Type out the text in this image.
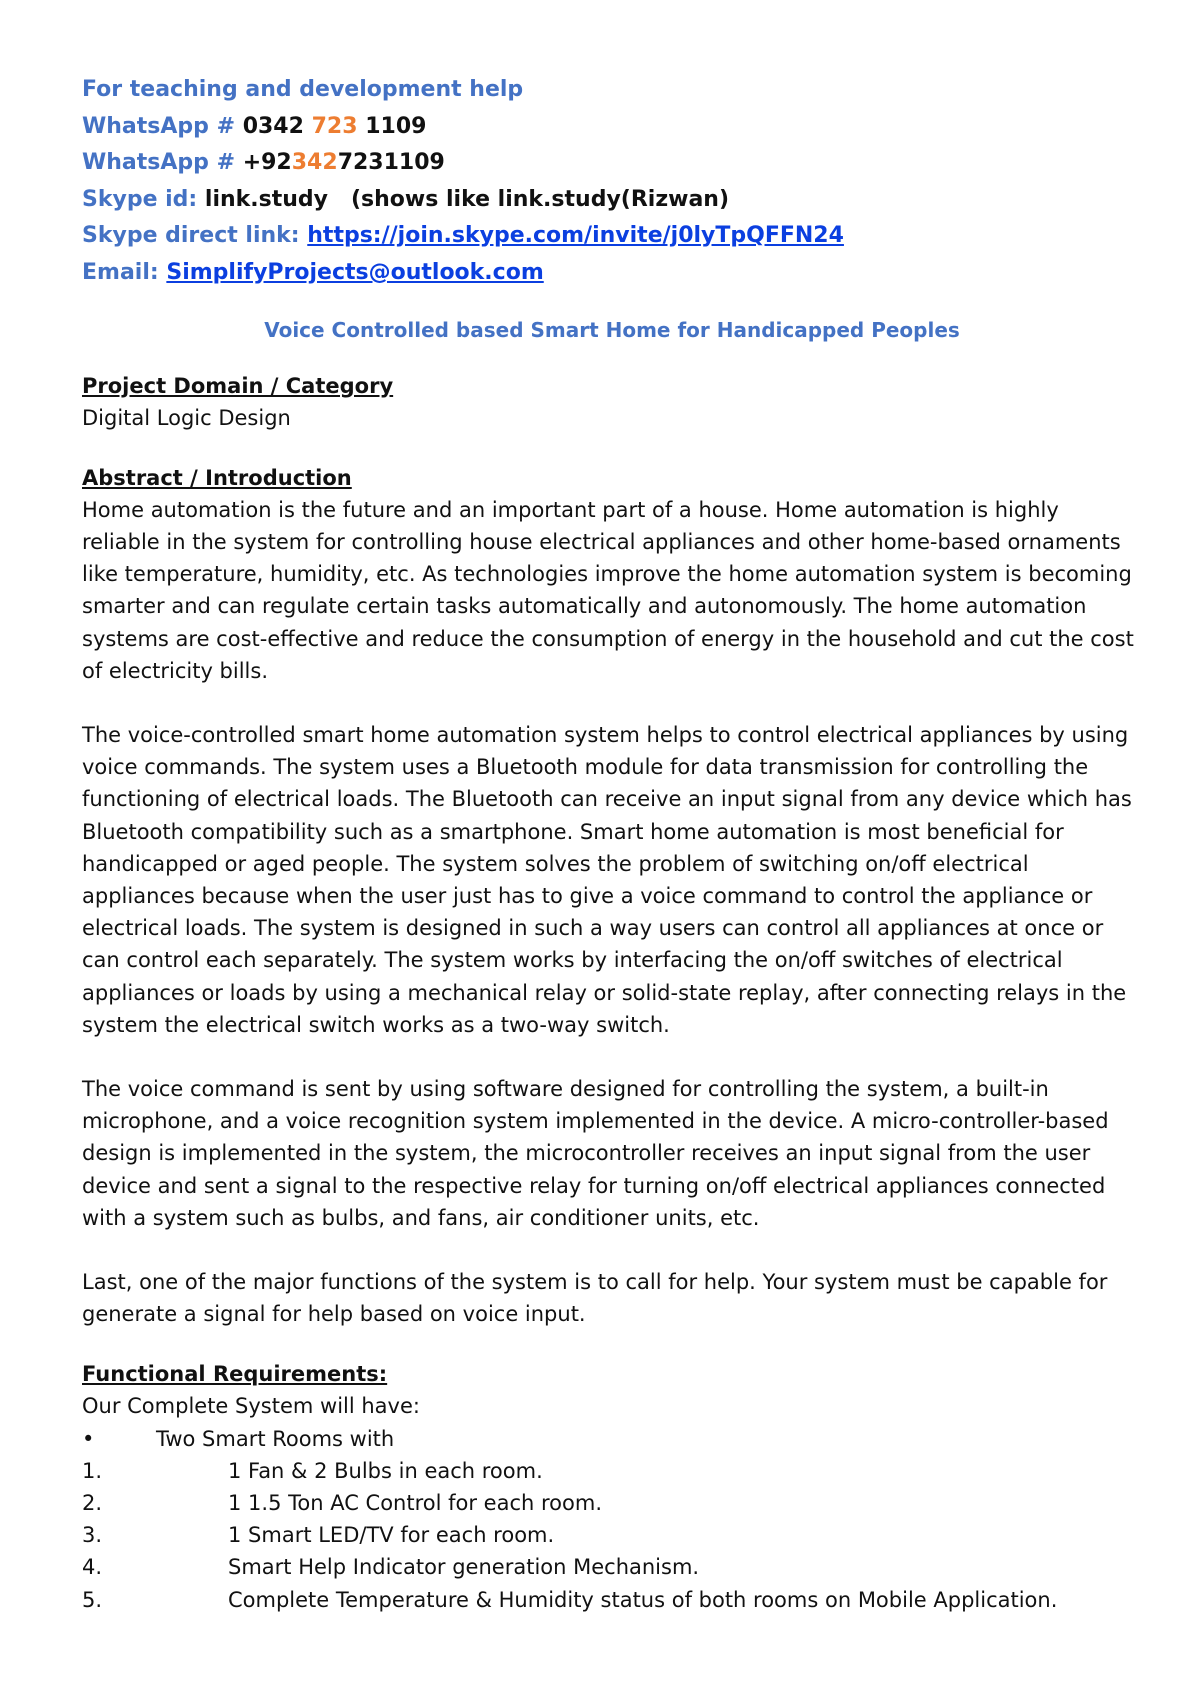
For teaching and development help
WhatsApp # 0342 723 1109
WhatsApp # +923427231109
Skype id: link.study   (shows like link.study(Rizwan)
Skype direct link: https://join.skype.com/invite/j0lyTpQFFN24
Email: SimplifyProjects@outlook.com
Voice Controlled based Smart Home for Handicapped Peoples
Project Domain / Category

Digital Logic Design

Abstract / Introduction

Home automation is the future and an important part of a house. Home automation is highly reliable in the system for controlling house electrical appliances and other home-based ornaments like temperature, humidity, etc. As technologies improve the home automation system is becoming smarter and can regulate certain tasks automatically and autonomously. The home automation systems are cost-effective and reduce the consumption of energy in the household and cut the cost of electricity bills.

The voice-controlled smart home automation system helps to control electrical appliances by using voice commands. The system uses a Bluetooth module for data transmission for controlling the functioning of electrical loads. The Bluetooth can receive an input signal from any device which has Bluetooth compatibility such as a smartphone. Smart home automation is most beneficial for handicapped or aged people. The system solves the problem of switching on/off electrical appliances because when the user just has to give a voice command to control the appliance or electrical loads. The system is designed in such a way users can control all appliances at once or can control each separately. The system works by interfacing the on/off switches of electrical appliances or loads by using a mechanical relay or solid-state replay, after connecting relays in the system the electrical switch works as a two-way switch.

The voice command is sent by using software designed for controlling the system, a built-in microphone, and a voice recognition system implemented in the device. A micro-controller-based design is implemented in the system, the microcontroller receives an input signal from the user device and sent a signal to the respective relay for turning on/off electrical appliances connected with a system such as bulbs, and fans, air conditioner units, etc.

Last, one of the major functions of the system is to call for help. Your system must be capable for generate a signal for help based on voice input.

Functional Requirements:

Our Complete System will have:

•	Two Smart Rooms with
1.	1 Fan & 2 Bulbs in each room.
2.	1 1.5 Ton AC Control for each room.
3.	1 Smart LED/TV for each room.
4.	Smart Help Indicator generation Mechanism.
5.	Complete Temperature & Humidity status of both rooms on Mobile Application.
